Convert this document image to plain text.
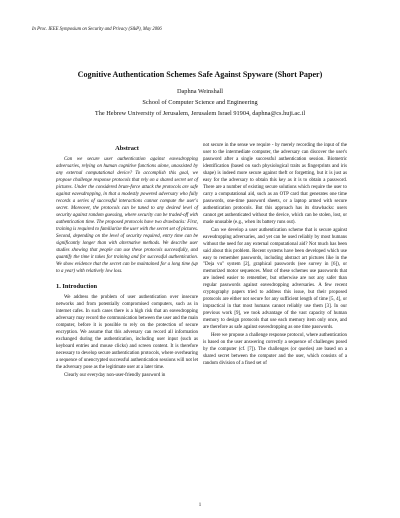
In Proc. IEEE Symposium on Security and Privacy (S&P), May 2006
Cognitive Authentication Schemes Safe Against Spyware (Short Paper)
Daphna Weinshall
School of Computer Science and Engineering
The Hebrew University of Jerusalem, Jerusalem Israel 91904, daphna@cs.huji.ac.il
Abstract

Can we secure user authentication against eavesdropping adversaries, relying on human cognitive functions alone, unassisted by any external computational device? To accomplish this goal, we propose challenge response protocols that rely on a shared secret set of pictures. Under the considered brute-force attack the protocols are safe against eavesdropping, in that a modestly powered adversary who fully records a series of successful interactions cannot compute the user's secret. Moreover, the protocols can be tuned to any desired level of security against random guessing, where security can be traded-off with authentication time. The proposed protocols have two drawbacks: First, training is required to familiarize the user with the secret set of pictures. Second, depending on the level of security required, entry time can be significantly longer than with alternative methods. We describe user studies showing that people can use these protocols successfully, and quantify the time it takes for training and for successful authentication. We show evidence that the secret can be maintained for a long time (up to a year) with relatively low loss.

1. Introduction

We address the problem of user authentication over insecure networks and from potentially compromised computers, such as in internet cafes. In such cases there is a high risk that an eavesdropping adversary may record the communication between the user and the main computer, before it is possible to rely on the protection of secure encryption. We assume that this adversary can record all information exchanged during the authentication, including user input (such as keyboard entries and mouse clicks) and screen content. It is therefore necessary to develop secure authentication protocols, where overhearing a sequence of unencrypted successful authentication sessions will not let the adversary pose as the legitimate user at a later time.

Clearly our everyday non-user-friendly password in

not secure in the sense we require - by merely recording the input of the user to the intermediate computer, the adversary can discover the user's password after a single successful authentication session. Biometric identification (based on such physiological traits as fingerprints and iris shape) is indeed more secure against theft or forgetting, but it is just as easy for the adversary to obtain this key as it is to obtain a password. There are a number of existing secure solutions which require the user to carry a computational aid, such as an OTP card that generates one time passwords, one-time password sheets, or a laptop armed with secure authentication protocols. But this approach has its drawbacks: users cannot get authenticated without the device, which can be stolen, lost, or made unusable (e.g., when its battery runs out).

Can we develop a user authentication scheme that is secure against eavesdropping adversaries, and yet can be used reliably by most humans without the need for any external computational aid? Not much has been said about this problem. Recent systems have been developed which use easy to remember passwords, including abstract art pictures like in the "Deja vu" system [2], graphical passwords (see survey in [6]), or memorized motor sequences. Most of these schemes use passwords that are indeed easier to remember, but otherwise are not any safer than regular passwords against eavesdropping adversaries. A few recent cryptography papers tried to address this issue, but their proposed protocols are either not secure for any sufficient length of time [5, 4], or impractical in that most humans cannot reliably use them [3]. In our previous work [9], we took advantage of the vast capacity of human memory to design protocols that use each memory item only once, and are therefore as safe against eavesdropping as one time passwords.

Here we propose a challenge response protocol, where authentication is based on the user answering correctly a sequence of challenges posed by the computer (cf. [7]). The challenges (or queries) are based on a shared secret between the computer and the user, which consists of a random division of a fixed set of

1
